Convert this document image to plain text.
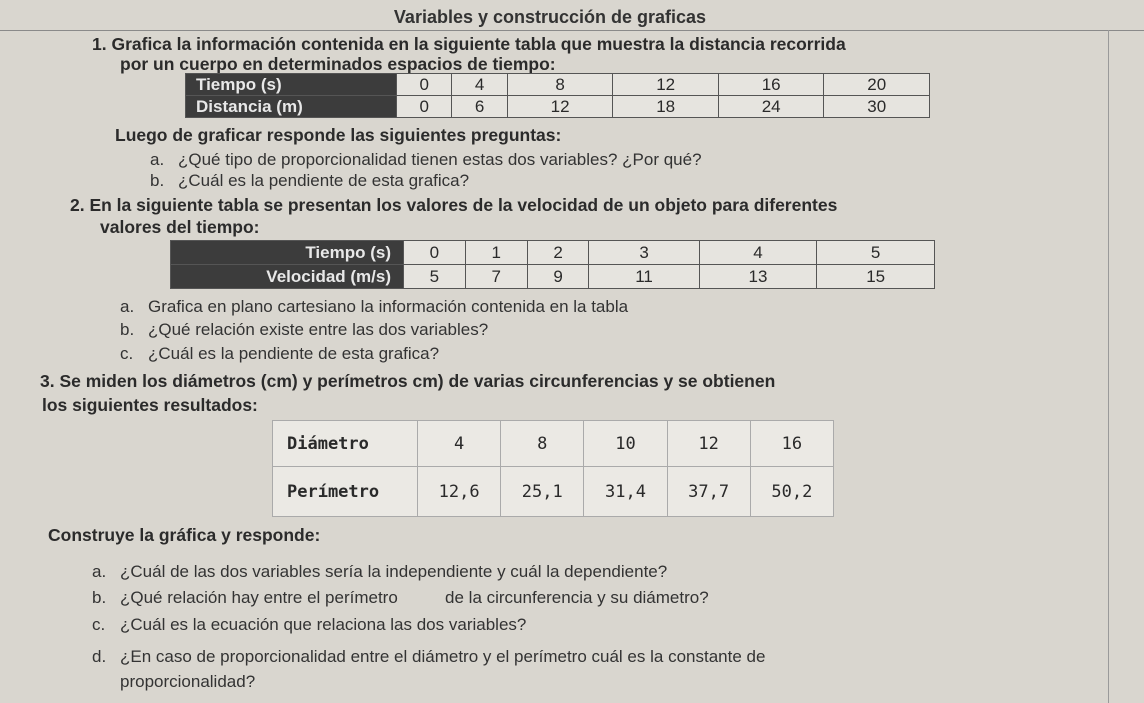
Variables y construcción de graficas
1. Grafica la información contenida en la siguiente tabla que muestra la distancia recorrida
por un cuerpo en determinados espacios de tiempo:
Tiempo (s)	0	4	8	12	16	20
Distancia (m)	0	6	12	18	24	30
Luego de graficar responde las siguientes preguntas:
a. ¿Qué tipo de proporcionalidad tienen estas dos variables? ¿Por qué?
b. ¿Cuál es la pendiente de esta grafica?
2. En la siguiente tabla se presentan los valores de la velocidad de un objeto para diferentes
valores del tiempo:
Tiempo (s)	0	1	2	3	4	5
Velocidad (m/s)	5	7	9	11	13	15
a. Grafica en plano cartesiano la información contenida en la tabla
b. ¿Qué relación existe entre las dos variables?
c. ¿Cuál es la pendiente de esta grafica?
3. Se miden los diámetros (cm) y perímetros cm) de varias circunferencias y se obtienen
los siguientes resultados:
Diámetro	4	8	10	12	16
Perímetro	12,6	25,1	31,4	37,7	50,2
Construye la gráfica y responde:
a. ¿Cuál de las dos variables sería la independiente y cuál la dependiente?
b. ¿Qué relación hay entre el perímetro          de la circunferencia y su diámetro?
c. ¿Cuál es la ecuación que relaciona las dos variables?
d. ¿En caso de proporcionalidad entre el diámetro y el perímetro cuál es la constante de
proporcionalidad?
